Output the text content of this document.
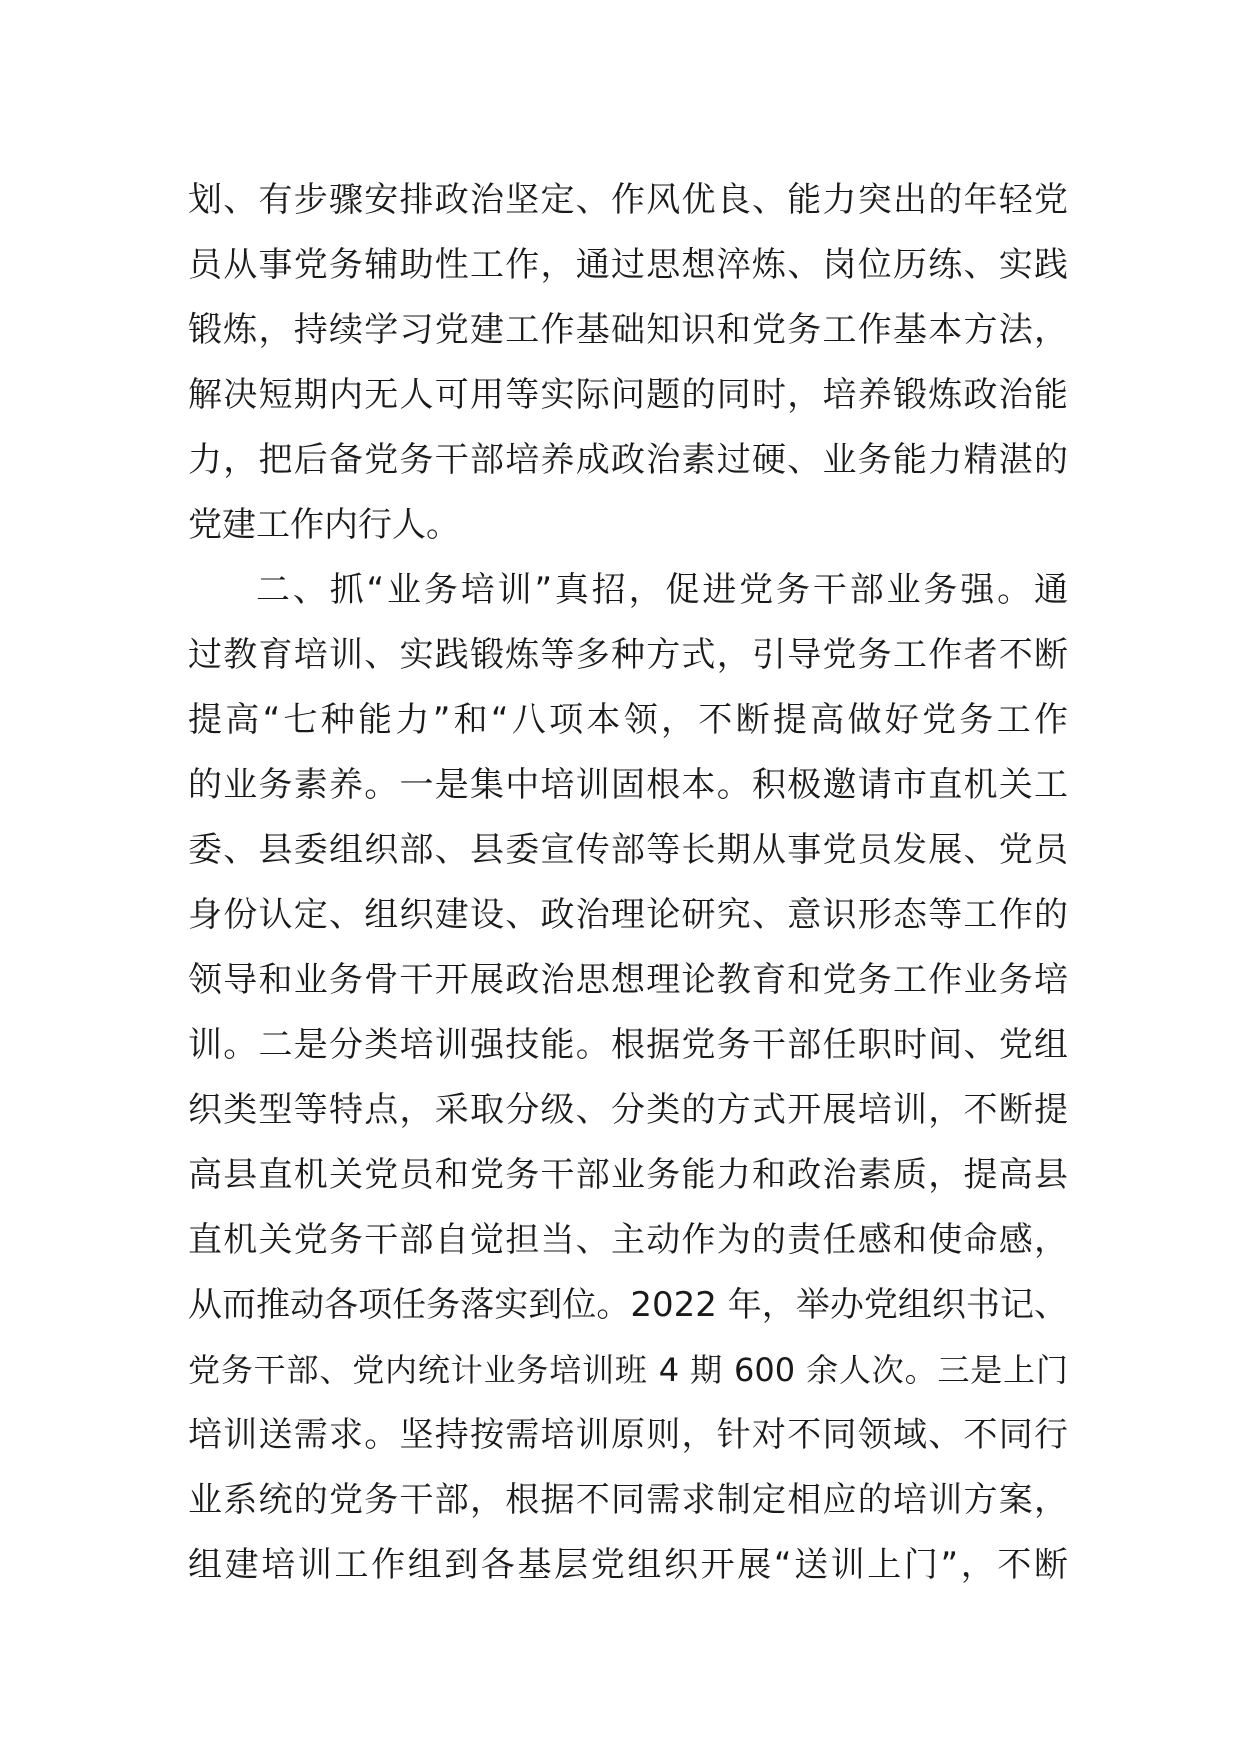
划、有步骤安排政治坚定、作风优良、能力突出的年轻党
员从事党务辅助性工作，通过思想淬炼、岗位历练、实践
锻炼，持续学习党建工作基础知识和党务工作基本方法，
解决短期内无人可用等实际问题的同时，培养锻炼政治能
力，把后备党务干部培养成政治素过硬、业务能力精湛的
党建工作内行人。
二、抓“业务培训”真招，促进党务干部业务强。通
过教育培训、实践锻炼等多种方式，引导党务工作者不断
提高“七种能力”和“八项本领，不断提高做好党务工作
的业务素养。一是集中培训固根本。积极邀请市直机关工
委、县委组织部、县委宣传部等长期从事党员发展、党员
身份认定、组织建设、政治理论研究、意识形态等工作的
领导和业务骨干开展政治思想理论教育和党务工作业务培
训。二是分类培训强技能。根据党务干部任职时间、党组
织类型等特点，采取分级、分类的方式开展培训，不断提
高县直机关党员和党务干部业务能力和政治素质，提高县
直机关党务干部自觉担当、主动作为的责任感和使命感，
从而推动各项任务落实到位。2022 年，举办党组织书记、
党务干部、党内统计业务培训班 4 期 600 余人次。三是上门
培训送需求。坚持按需培训原则，针对不同领域、不同行
业系统的党务干部，根据不同需求制定相应的培训方案，
组建培训工作组到各基层党组织开展“送训上门”，不断
